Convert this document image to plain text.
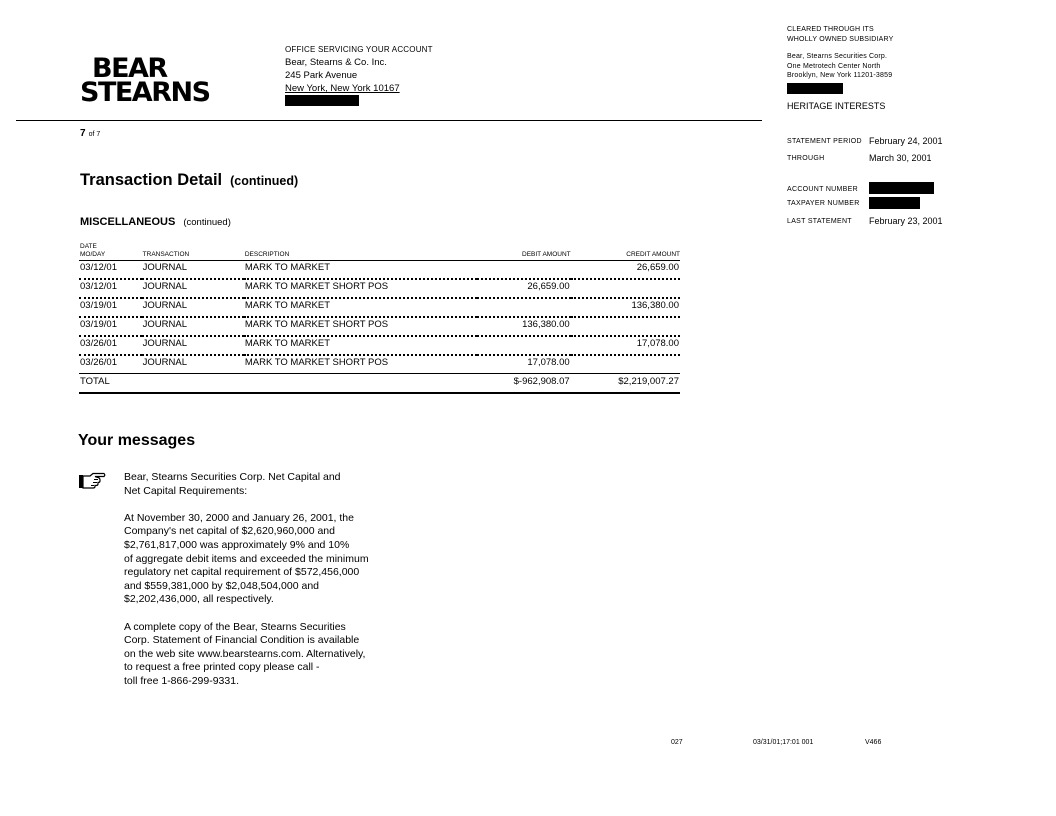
BEAR
STEARNS
OFFICE SERVICING YOUR ACCOUNT
Bear, Stearns & Co. Inc.
245 Park Avenue
New York, New York 10167
7 of 7
CLEARED THROUGH ITS
WHOLLY OWNED SUBSIDIARY
Bear, Stearns Securities Corp.
One Metrotech Center North
Brooklyn, New York 11201-3859
HERITAGE INTERESTS
STATEMENT PERIOD February 24, 2001
THROUGH	March 30, 2001
ACCOUNT NUMBER
TAXPAYER NUMBER
LAST STATEMENT February 23, 2001
Transaction Detail (continued)
MISCELLANEOUS (continued)
DATE
MO/DAY	TRANSACTION	DESCRIPTION	DEBIT AMOUNT	CREDIT AMOUNT
03/12/01	JOURNAL	MARK TO MARKET		26,659.00
03/12/01	JOURNAL	MARK TO MARKET SHORT POS	26,659.00	
03/19/01	JOURNAL	MARK TO MARKET		136,380.00
03/19/01	JOURNAL	MARK TO MARKET SHORT POS	136,380.00	
03/26/01	JOURNAL	MARK TO MARKET		17,078.00
03/26/01	JOURNAL	MARK TO MARKET SHORT POS	17,078.00	
TOTAL			$-962,908.07	$2,219,007.27
Your messages

Bear, Stearns Securities Corp. Net Capital and
Net Capital Requirements:

At November 30, 2000 and January 26, 2001, the
Company's net capital of $2,620,960,000 and
$2,761,817,000 was approximately 9% and 10%
of aggregate debit items and exceeded the minimum
regulatory net capital requirement of $572,456,000
and $559,381,000 by $2,048,504,000 and
$2,202,436,000, all respectively.

A complete copy of the Bear, Stearns Securities
Corp. Statement of Financial Condition is available
on the web site www.bearstearns.com. Alternatively,
to request a free printed copy please call -
toll free 1-866-299-9331.

027	03/31/01;17:01 001	V466
